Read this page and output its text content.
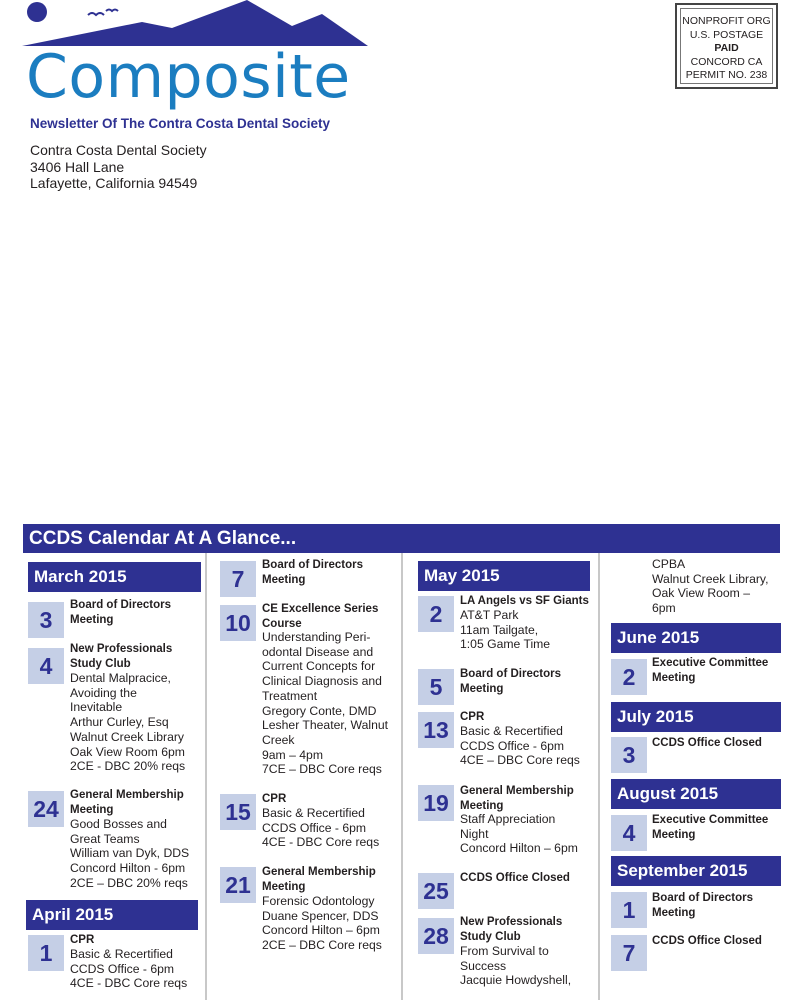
Composite
Newsletter Of The Contra Costa Dental Society
Contra Costa Dental Society
3406 Hall Lane
Lafayette, California 94549
NONPROFIT ORG
U.S. POSTAGE
PAID
CONCORD CA
PERMIT NO. 238
CCDS Calendar At A Glance...
March 2015
3
Board of Directors
Meeting
4
New Professionals
Study Club
Dental Malpracice,
Avoiding the
Inevitable
Arthur Curley, Esq
Walnut Creek Library
Oak View Room 6pm
2CE - DBC 20% reqs
24
General Membership
Meeting
Good Bosses and
Great Teams
William van Dyk, DDS
Concord Hilton - 6pm
2CE – DBC 20% reqs
April 2015
1	CPR
Basic & Recertified
CCDS Office - 6pm
4CE - DBC Core reqs
7
Board of Directors
Meeting
10
CE Excellence Series
Course
Understanding Peri-
odontal Disease and
Current Concepts for
Clinical Diagnosis and
Treatment
Gregory Conte, DMD
Lesher Theater, Walnut
Creek
9am – 4pm
7CE – DBC Core reqs
15 CPR
Basic & Recertified
CCDS Office - 6pm
4CE - DBC Core reqs
21 General Membership
Meeting
Forensic Odontology
Duane Spencer, DDS
Concord Hilton – 6pm
2CE – DBC Core reqs
May 2015
2	LA Angels vs SF Giants
AT&T Park
11am Tailgate,
1:05 Game Time
5	Board of Directors
Meeting
13 CPR
Basic & Recertified
CCDS Office - 6pm
4CE – DBC Core reqs
19 General Membership
Meeting
Staff Appreciation
Night
Concord Hilton – 6pm
25 CCDS Office Closed
28
New Professionals
Study Club
From Survival to
Success
Jacquie Howdyshell,
CPBA
Walnut Creek Library,
Oak View Room –
6pm
June 2015
2
Executive Committee
Meeting
July 2015
3	CCDS Office Closed
August 2015
4	Executive Committee
Meeting
September 2015
1	Board of Directors
Meeting
7	CCDS Office Closed
